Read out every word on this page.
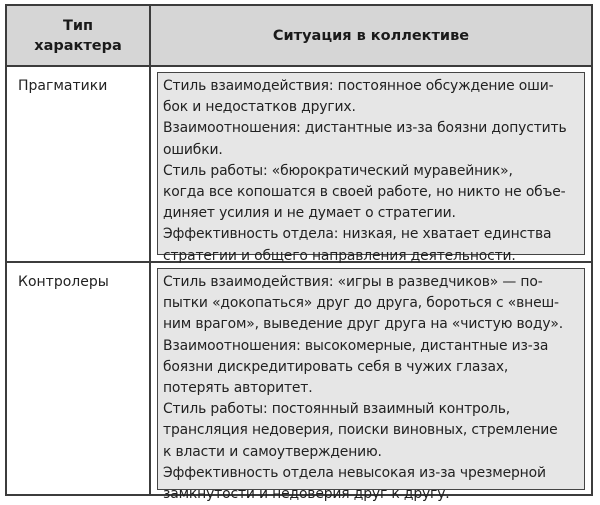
Тип
характера
Ситуация в коллективе
Прагматики	Стиль взаимодействия: постоянное обсуждение оши-
бок и недостатков других.
Взаимоотношения: дистантные из-за боязни допустить
ошибки.
Стиль работы: «бюрократический муравейник»,
когда все копошатся в своей работе, но никто не объе-
диняет усилия и не думает о стратегии.
Эффективность отдела: низкая, не хватает единства
стратегии и общего направления деятельности.
Контролеры	Стиль взаимодействия: «игры в разведчиков» — по-
пытки «докопаться» друг до друга, бороться с «внеш-
ним врагом», выведение друг друга на «чистую воду».
Взаимоотношения: высокомерные, дистантные из-за
боязни дискредитировать себя в чужих глазах,
потерять авторитет.
Стиль работы: постоянный взаимный контроль,
трансляция недоверия, поиски виновных, стремление
к власти и самоутверждению.
Эффективность отдела невысокая из-за чрезмерной
замкнутости и недоверия друг к другу.
